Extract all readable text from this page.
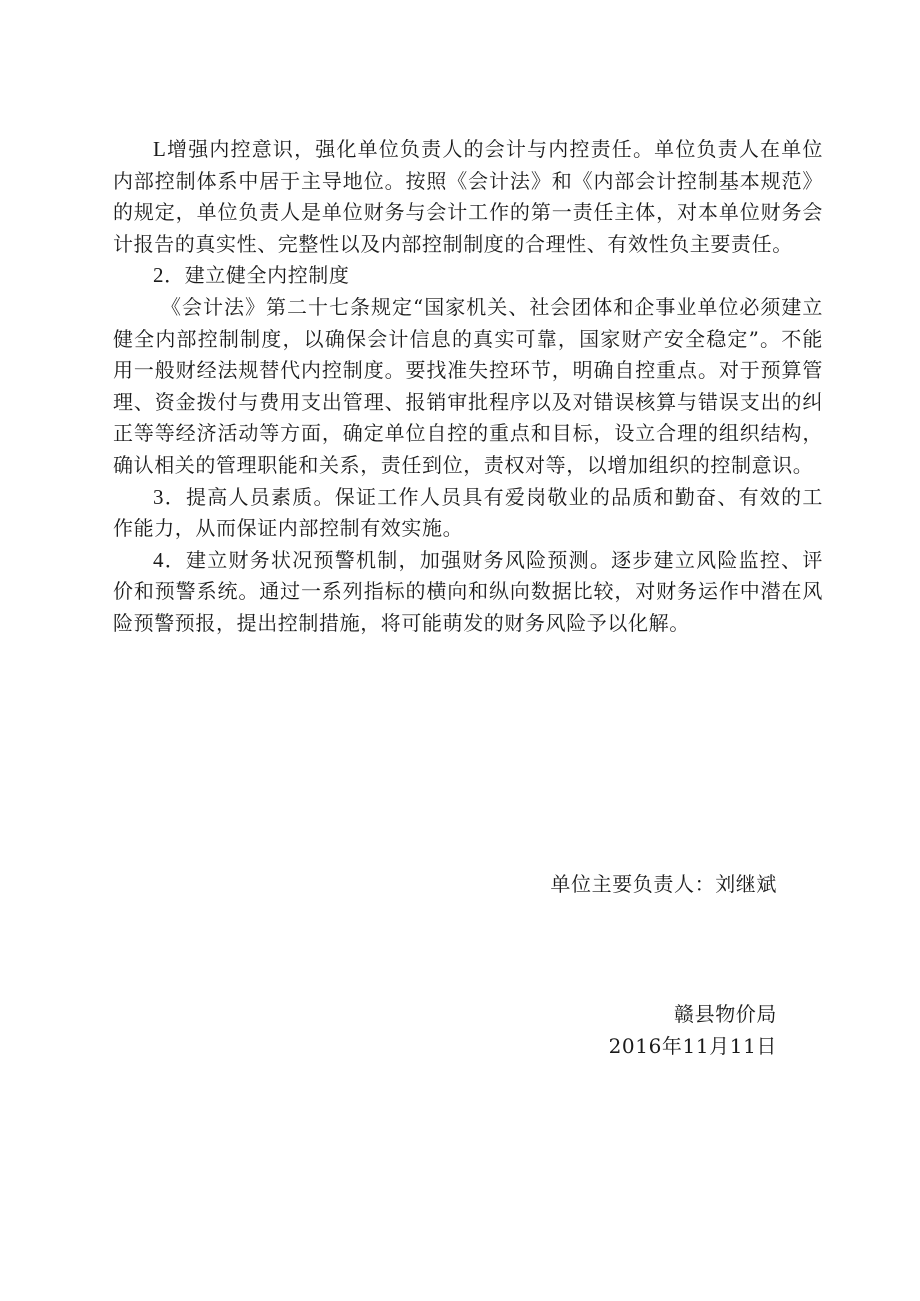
L增强内控意识，强化单位负责人的会计与内控责任。单位负责人在单位内部控制体系中居于主导地位。按照《会计法》和《内部会计控制基本规范》的规定，单位负责人是单位财务与会计工作的第一责任主体，对本单位财务会计报告的真实性、完整性以及内部控制制度的合理性、有效性负主要责任。

2．建立健全内控制度

《会计法》第二十七条规定“国家机关、社会团体和企事业单位必须建立健全内部控制制度，以确保会计信息的真实可靠，国家财产安全稳定”。不能用一般财经法规替代内控制度。要找准失控环节，明确自控重点。对于预算管理、资金拨付与费用支出管理、报销审批程序以及对错误核算与错误支出的纠正等等经济活动等方面，确定单位自控的重点和目标，设立合理的组织结构，确认相关的管理职能和关系，责任到位，责权对等，以增加组织的控制意识。

3．提高人员素质。保证工作人员具有爱岗敬业的品质和勤奋、有效的工作能力，从而保证内部控制有效实施。

4．建立财务状况预警机制，加强财务风险预测。逐步建立风险监控、评价和预警系统。通过一系列指标的横向和纵向数据比较，对财务运作中潜在风险预警预报，提出控制措施，将可能萌发的财务风险予以化解。

单位主要负责人：刘继斌
赣县物价局
2016年11月11日
